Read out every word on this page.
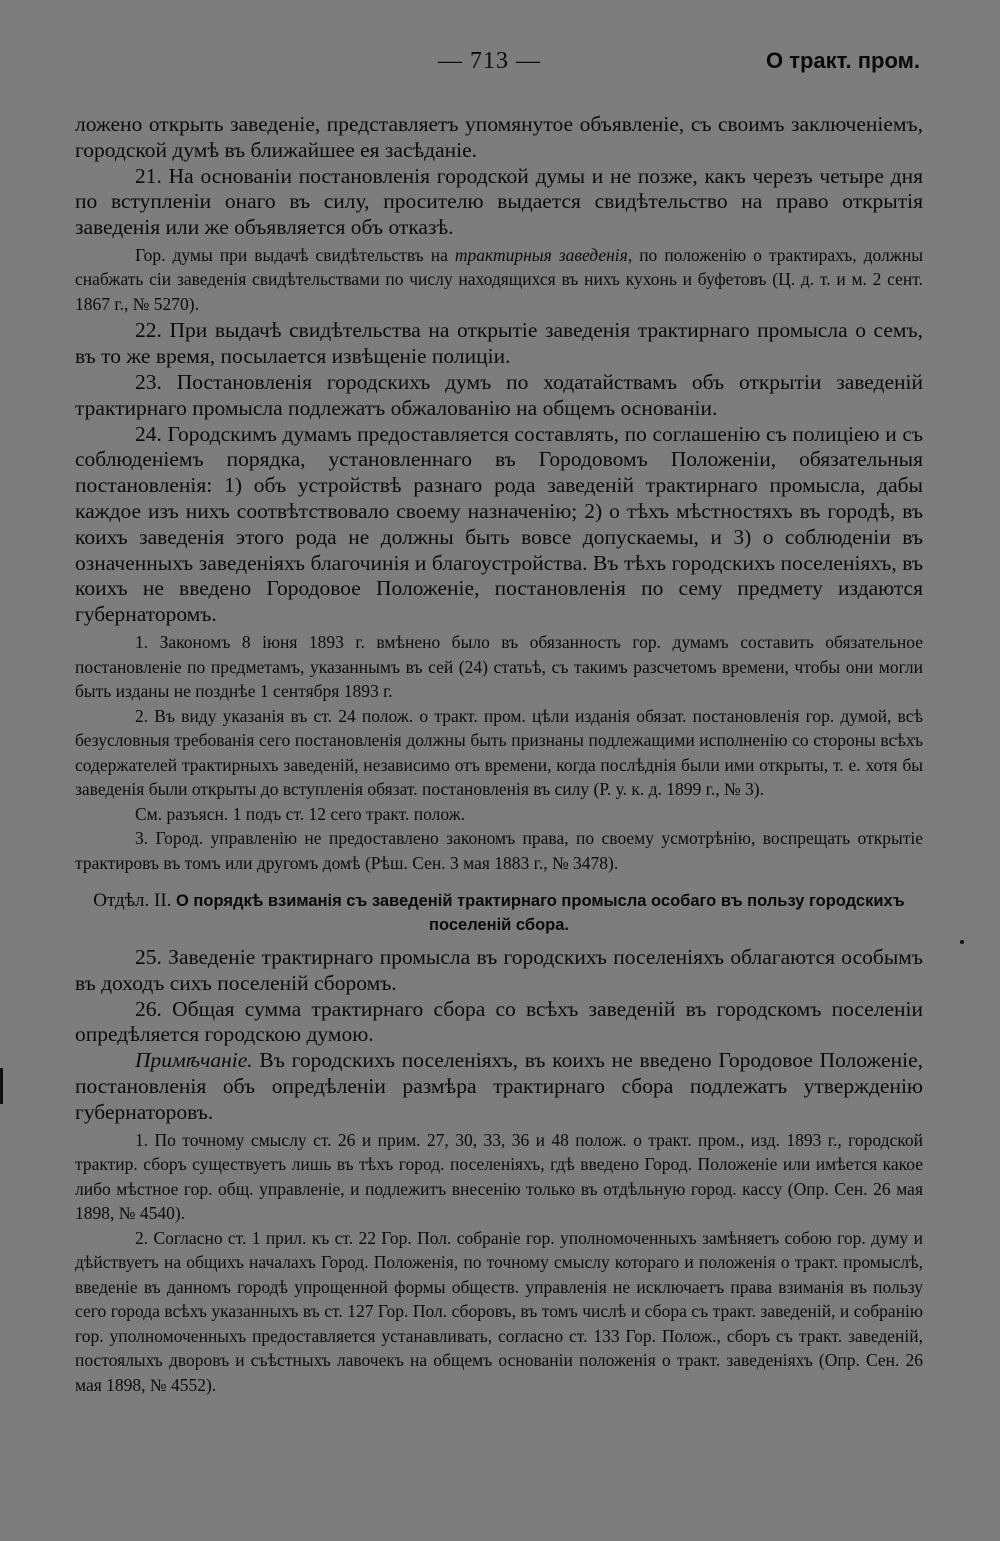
— 713 —	О тракт. пром.

ложено открыть заведеніе, представляетъ упомянутое объявленіе, съ своимъ заключеніемъ, городской думѣ въ ближайшее ея засѣданіе.

21. На основаніи постановленія городской думы и не позже, какъ черезъ четыре дня по вступленіи онаго въ силу, просителю выдается свидѣтельство на право открытія заведенія или же объявляется объ отказѣ.

Гор. думы при выдачѣ свидѣтельствъ на трактирныя заведенія, по положенію о трактирахъ, должны снабжать сіи заведенія свидѣтельствами по числу находящихся въ нихъ кухонь и буфетовъ (Ц. д. т. и м. 2 сент. 1867 г., № 5270).

22. При выдачѣ свидѣтельства на открытіе заведенія трактирнаго промысла о семъ, въ то же время, посылается извѣщеніе полиціи.

23. Постановленія городскихъ думъ по ходатайствамъ объ открытіи заведеній трактирнаго промысла подлежатъ обжалованію на общемъ основаніи.

24. Городскимъ думамъ предоставляется составлять, по соглашенію съ полиціею и съ соблюденіемъ порядка, установленнаго въ Городовомъ Положеніи, обязательныя постановленія: 1) объ устройствѣ разнаго рода заведеній трактирнаго промысла, дабы каждое изъ нихъ соотвѣтствовало своему назначенію; 2) о тѣхъ мѣстностяхъ въ городѣ, въ коихъ заведенія этого рода не должны быть вовсе допускаемы, и 3) о соблюденіи въ означенныхъ заведеніяхъ благочинія и благоустройства. Въ тѣхъ городскихъ поселеніяхъ, въ коихъ не введено Городовое Положеніе, постановленія по сему предмету издаются губернаторомъ.

1. Закономъ 8 іюня 1893 г. вмѣнено было въ обязанность гор. думамъ составить обязательное постановленіе по предметамъ, указаннымъ въ сей (24) статьѣ, съ такимъ разсчетомъ времени, чтобы они могли быть изданы не позднѣе 1 сентября 1893 г.

2. Въ виду указанія въ ст. 24 полож. о тракт. пром. цѣли изданія обязат. постановленія гор. думой, всѣ безусловныя требованія сего постановленія должны быть признаны подлежащими исполненію со стороны всѣхъ содержателей трактирныхъ заведеній, независимо отъ времени, когда послѣднія были ими открыты, т. е. хотя бы заведенія были открыты до вступленія обязат. постановленія въ силу (Р. у. к. д. 1899 г., № 3).

См. разъясн. 1 подъ ст. 12 сего тракт. полож.

3. Город. управленію не предоставлено закономъ права, по своему усмотрѣнію, воспрещать открытіе трактировъ въ томъ или другомъ домѣ (Рѣш. Сен. 3 мая 1883 г., № 3478).

Отдѣл. II. О порядкѣ взиманія съ заведеній трактирнаго промысла особаго въ пользу городскихъ поселеній сбора.

25. Заведеніе трактирнаго промысла въ городскихъ поселеніяхъ облагаются особымъ въ доходъ сихъ поселеній сборомъ.

26. Общая сумма трактирнаго сбора со всѣхъ заведеній въ городскомъ поселеніи опредѣляется городскою думою.

Примѣчаніе. Въ городскихъ поселеніяхъ, въ коихъ не введено Городовое Положеніе, постановленія объ опредѣленіи размѣра трактирнаго сбора подлежатъ утвержденію губернаторовъ.

1. По точному смыслу ст. 26 и прим. 27, 30, 33, 36 и 48 полож. о тракт. пром., изд. 1893 г., городской трактир. сборъ существуетъ лишь въ тѣхъ город. поселеніяхъ, гдѣ введено Город. Положеніе или имѣется какое либо мѣстное гор. общ. управленіе, и подлежитъ внесенію только въ отдѣльную город. кассу (Опр. Сен. 26 мая 1898, № 4540).

2. Согласно ст. 1 прил. къ ст. 22 Гор. Пол. собраніе гор. уполномоченныхъ замѣняетъ собою гор. думу и дѣйствуетъ на общихъ началахъ Город. Положенія, по точному смыслу котораго и положенія о тракт. промыслѣ, введеніе въ данномъ городѣ упрощенной формы обществ. управленія не исключаетъ права взиманія въ пользу сего города всѣхъ указанныхъ въ ст. 127 Гор. Пол. сборовъ, въ томъ числѣ и сбора съ тракт. заведеній, и собранію гор. уполномоченныхъ предоставляется устанавливать, согласно ст. 133 Гор. Полож., сборъ съ тракт. заведеній, постоялыхъ дворовъ и съѣстныхъ лавочекъ на общемъ основаніи положенія о тракт. заведеніяхъ (Опр. Сен. 26 мая 1898, № 4552).
